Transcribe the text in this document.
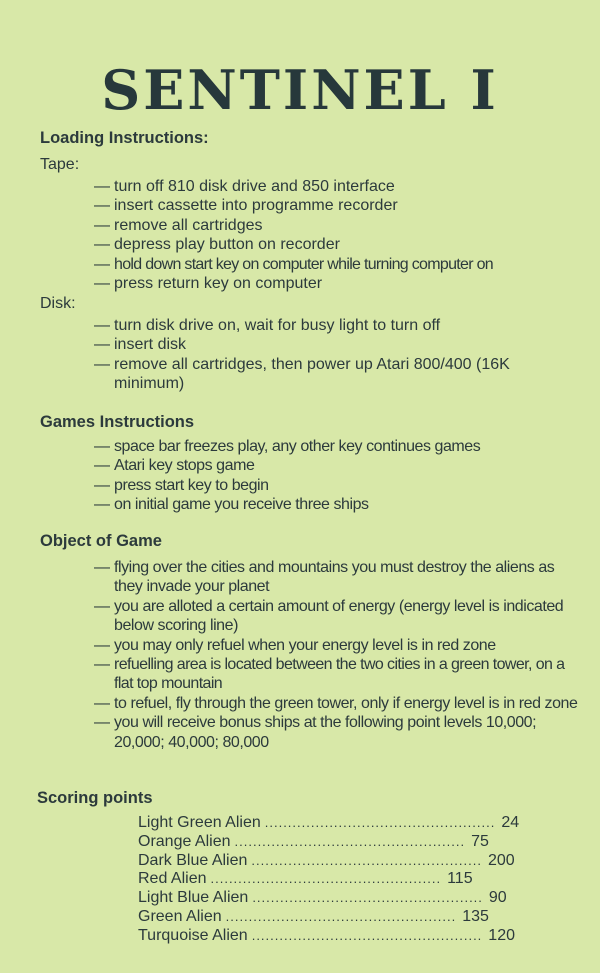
SENTINEL I
Loading Instructions:
Tape:
— turn off 810 disk drive and 850 interface
— insert cassette into programme recorder
— remove all cartridges
— depress play button on recorder
— hold down start key on computer while turning computer on
— press return key on computer
Disk:
— turn disk drive on, wait for busy light to turn off
— insert disk
— remove all cartridges, then power up Atari 800/400 (16K minimum)
Games Instructions
— space bar freezes play, any other key continues games
— Atari key stops game
— press start key to begin
— on initial game you receive three ships
Object of Game
— flying over the cities and mountains you must destroy the aliens as they invade your planet
— you are alloted a certain amount of energy (energy level is indicated below scoring line)
— you may only refuel when your energy level is in red zone
— refuelling area is located between the two cities in a green tower, on a flat top mountain
— to refuel, fly through the green tower, only if energy level is in red zone
— you will receive bonus ships at the following point levels 10,000; 20,000; 40,000; 80,000
Scoring points
Light Green Alien .................................................. 24
Orange Alien .................................................. 75
Dark Blue Alien .................................................. 200
Red Alien .................................................. 115
Light Blue Alien .................................................. 90
Green Alien .................................................. 135
Turquoise Alien .................................................. 120
